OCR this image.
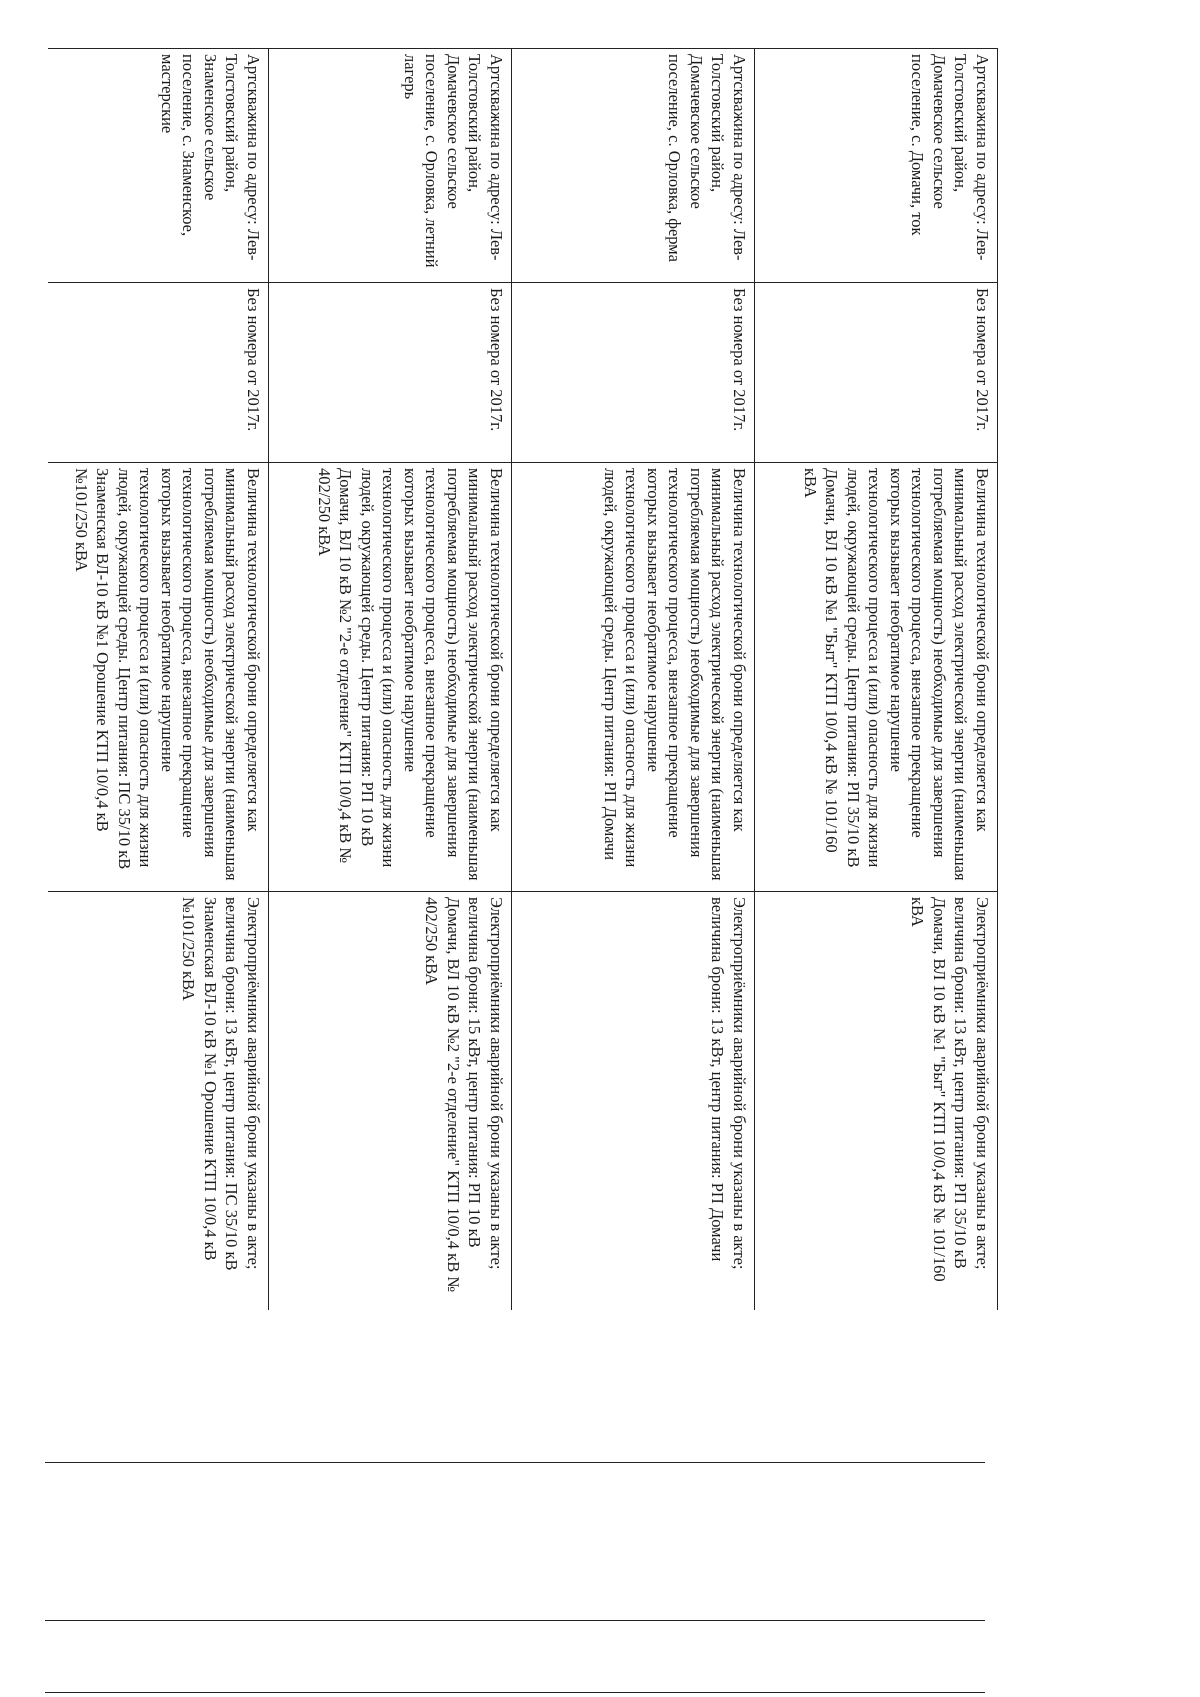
Артскважина по адресу: Лев-Толстовский район, Домачевское сельское поселение, с. Домачи, ток	Без номера от 2017г.	Величина технологической брони определяется как минимальный расход электрической энергии (наименьшая потребляемая мощность) необходимые для завершения технологического процесса, внезапное прекращение которых вызывает необратимое нарушение технологического процесса и (или) опасность для жизни людей, окружающей среды. Центр питания: РП 35/10 кВ Домачи, ВЛ 10 кВ №1 "Быт" КТП 10/0,4 кВ № 101/160 кВА	Электроприёмники аварийной брони указаны в акте; величина брони: 13 кВт, центр питания: РП 35/10 кВ Домачи, ВЛ 10 кВ №1 "Быт" КТП 10/0,4 кВ № 101/160 кВА

Артскважина по адресу: Лев-Толстовский район, Домачевское сельское поселение, с. Орловка, ферма	Без номера от 2017г.	Величина технологической брони определяется как минимальный расход электрической энергии (наименьшая потребляемая мощность) необходимые для завершения технологического процесса, внезапное прекращение которых вызывает необратимое нарушение технологического процесса и (или) опасность для жизни людей, окружающей среды. Центр питания: РП Домачи	Электроприёмники аварийной брони указаны в акте; величина брони: 13 кВт, центр питания: РП Домачи

Артскважина по адресу: Лев-Толстовский район, Домачевское сельское поселение, с. Орловка, летний лагерь	Без номера от 2017г.	Величина технологической брони определяется как минимальный расход электрической энергии (наименьшая потребляемая мощность) необходимые для завершения технологического процесса, внезапное прекращение которых вызывает необратимое нарушение технологического процесса и (или) опасность для жизни людей, окружающей среды. Центр питания: РП 10 кВ Домачи, ВЛ 10 кВ №2 "2-е отделение" КТП 10/0,4 кВ № 402/250 кВА	Электроприёмники аварийной брони указаны в акте; величина брони: 15 кВт, центр питания: РП 10 кВ Домачи, ВЛ 10 кВ №2 "2-е отделение" КТП 10/0,4 кВ № 402/250 кВА

Артскважина по адресу: Лев-Толстовский район, Знаменское сельское поселение, с. Знаменское, мастерские	Без номера от 2017г.	Величина технологической брони определяется как минимальный расход электрической энергии (наименьшая потребляемая мощность) необходимые для завершения технологического процесса, внезапное прекращение которых вызывает необратимое нарушение технологического процесса и (или) опасность для жизни людей, окружающей среды. Центр питания: ПС 35/10 кВ Знаменская ВЛ-10 кВ №1 Орошение КТП 10/0,4 кВ №101/250 кВА	Электроприёмники аварийной брони указаны в акте; величина брони: 13 кВт, центр питания: ПС 35/10 кВ Знаменская ВЛ-10 кВ №1 Орошение КТП 10/0,4 кВ №101/250 кВА
